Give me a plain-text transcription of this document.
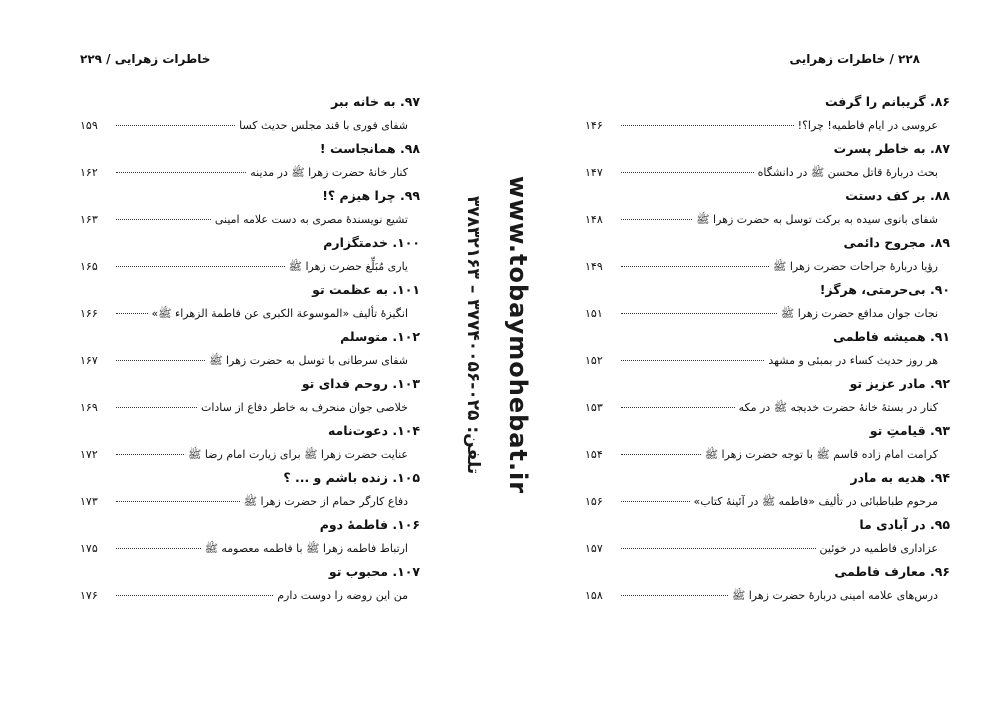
خاطرات زهرایی / ۲۲۹
۹۷. به خانه ببر
شفای فوری با قند مجلس حدیث کسا
۱۵۹
۹۸. همانجاست !
کنار خانهٔ حضرت زهرا ﷺ در مدینه
۱۶۲
۹۹. چرا هیزم ؟!
تشیع نویسندهٔ مصری به دست علامه امینی
۱۶۳
۱۰۰. خدمتگزارم
یاری مُبَلِّغ حضرت زهرا ﷺ
۱۶۵
۱۰۱. به عظمت تو
انگیزهٔ تألیف «الموسوعة الکبری عن فاطمة الزهراء ﷺ»
۱۶۶
۱۰۲. متوسلم
شفای سرطانی با توسل به حضرت زهرا ﷺ
۱۶۷
۱۰۳. روحم فدای تو
خلاصی جوان منحرف به خاطر دفاع از سادات
۱۶۹
۱۰۴. دعوت‌نامه
عنایت حضرت زهرا ﷺ برای زیارت امام رضا ﷺ
۱۷۲
۱۰۵. زنده باشم و ... ؟
دفاع کارگر حمام از حضرت زهرا ﷺ
۱۷۳
۱۰۶. فاطمهٔ دوم
ارتباط فاطمه زهرا ﷺ با فاطمه معصومه ﷺ
۱۷۵
۱۰۷. محبوب تو
من این روضه را دوست دارم
۱۷۶
۲۲۸ / خاطرات زهرایی
۸۶. گریبانم را گرفت
عروسی در ایام فاطمیه! چرا؟!
۱۴۶
۸۷. به خاطر پسرت
بحث دربارهٔ قاتل محسن ﷺ در دانشگاه
۱۴۷
۸۸. بر کف دستت
شفای بانوی سیده به برکت توسل به حضرت زهرا ﷺ
۱۴۸
۸۹. مجروح دائمی
رؤیا دربارهٔ جراحات حضرت زهرا ﷺ
۱۴۹
۹۰. بی‌حرمتی، هرگز!
نجات جوان مدافع حضرت زهرا ﷺ
۱۵۱
۹۱. همیشه فاطمی
هر روز حدیث کساء در بمبئی و مشهد
۱۵۲
۹۲. مادر عزیز تو
کنار در بستهٔ خانهٔ حضرت خدیجه ﷺ در مکه
۱۵۳
۹۳. قیامتِ تو
کرامت امام زاده قاسم ﷺ با توجه حضرت زهرا ﷺ
۱۵۴
۹۴. هدیه به مادر
مرحوم طباطبائی در تألیف «فاطمه ﷺ در آئینهٔ کتاب»
۱۵۶
۹۵. در آبادی ما
عزاداری فاطمیه در خوئین
۱۵۷
۹۶. معارف فاطمی
درس‌های علامه امینی دربارهٔ حضرت زهرا ﷺ
۱۵۸
تلفن: ۰۲۵-۳۷۷۴۰۰۵۶ – ۳۷۸۳۲۱۶۳ www.tobaymohebat.ir
